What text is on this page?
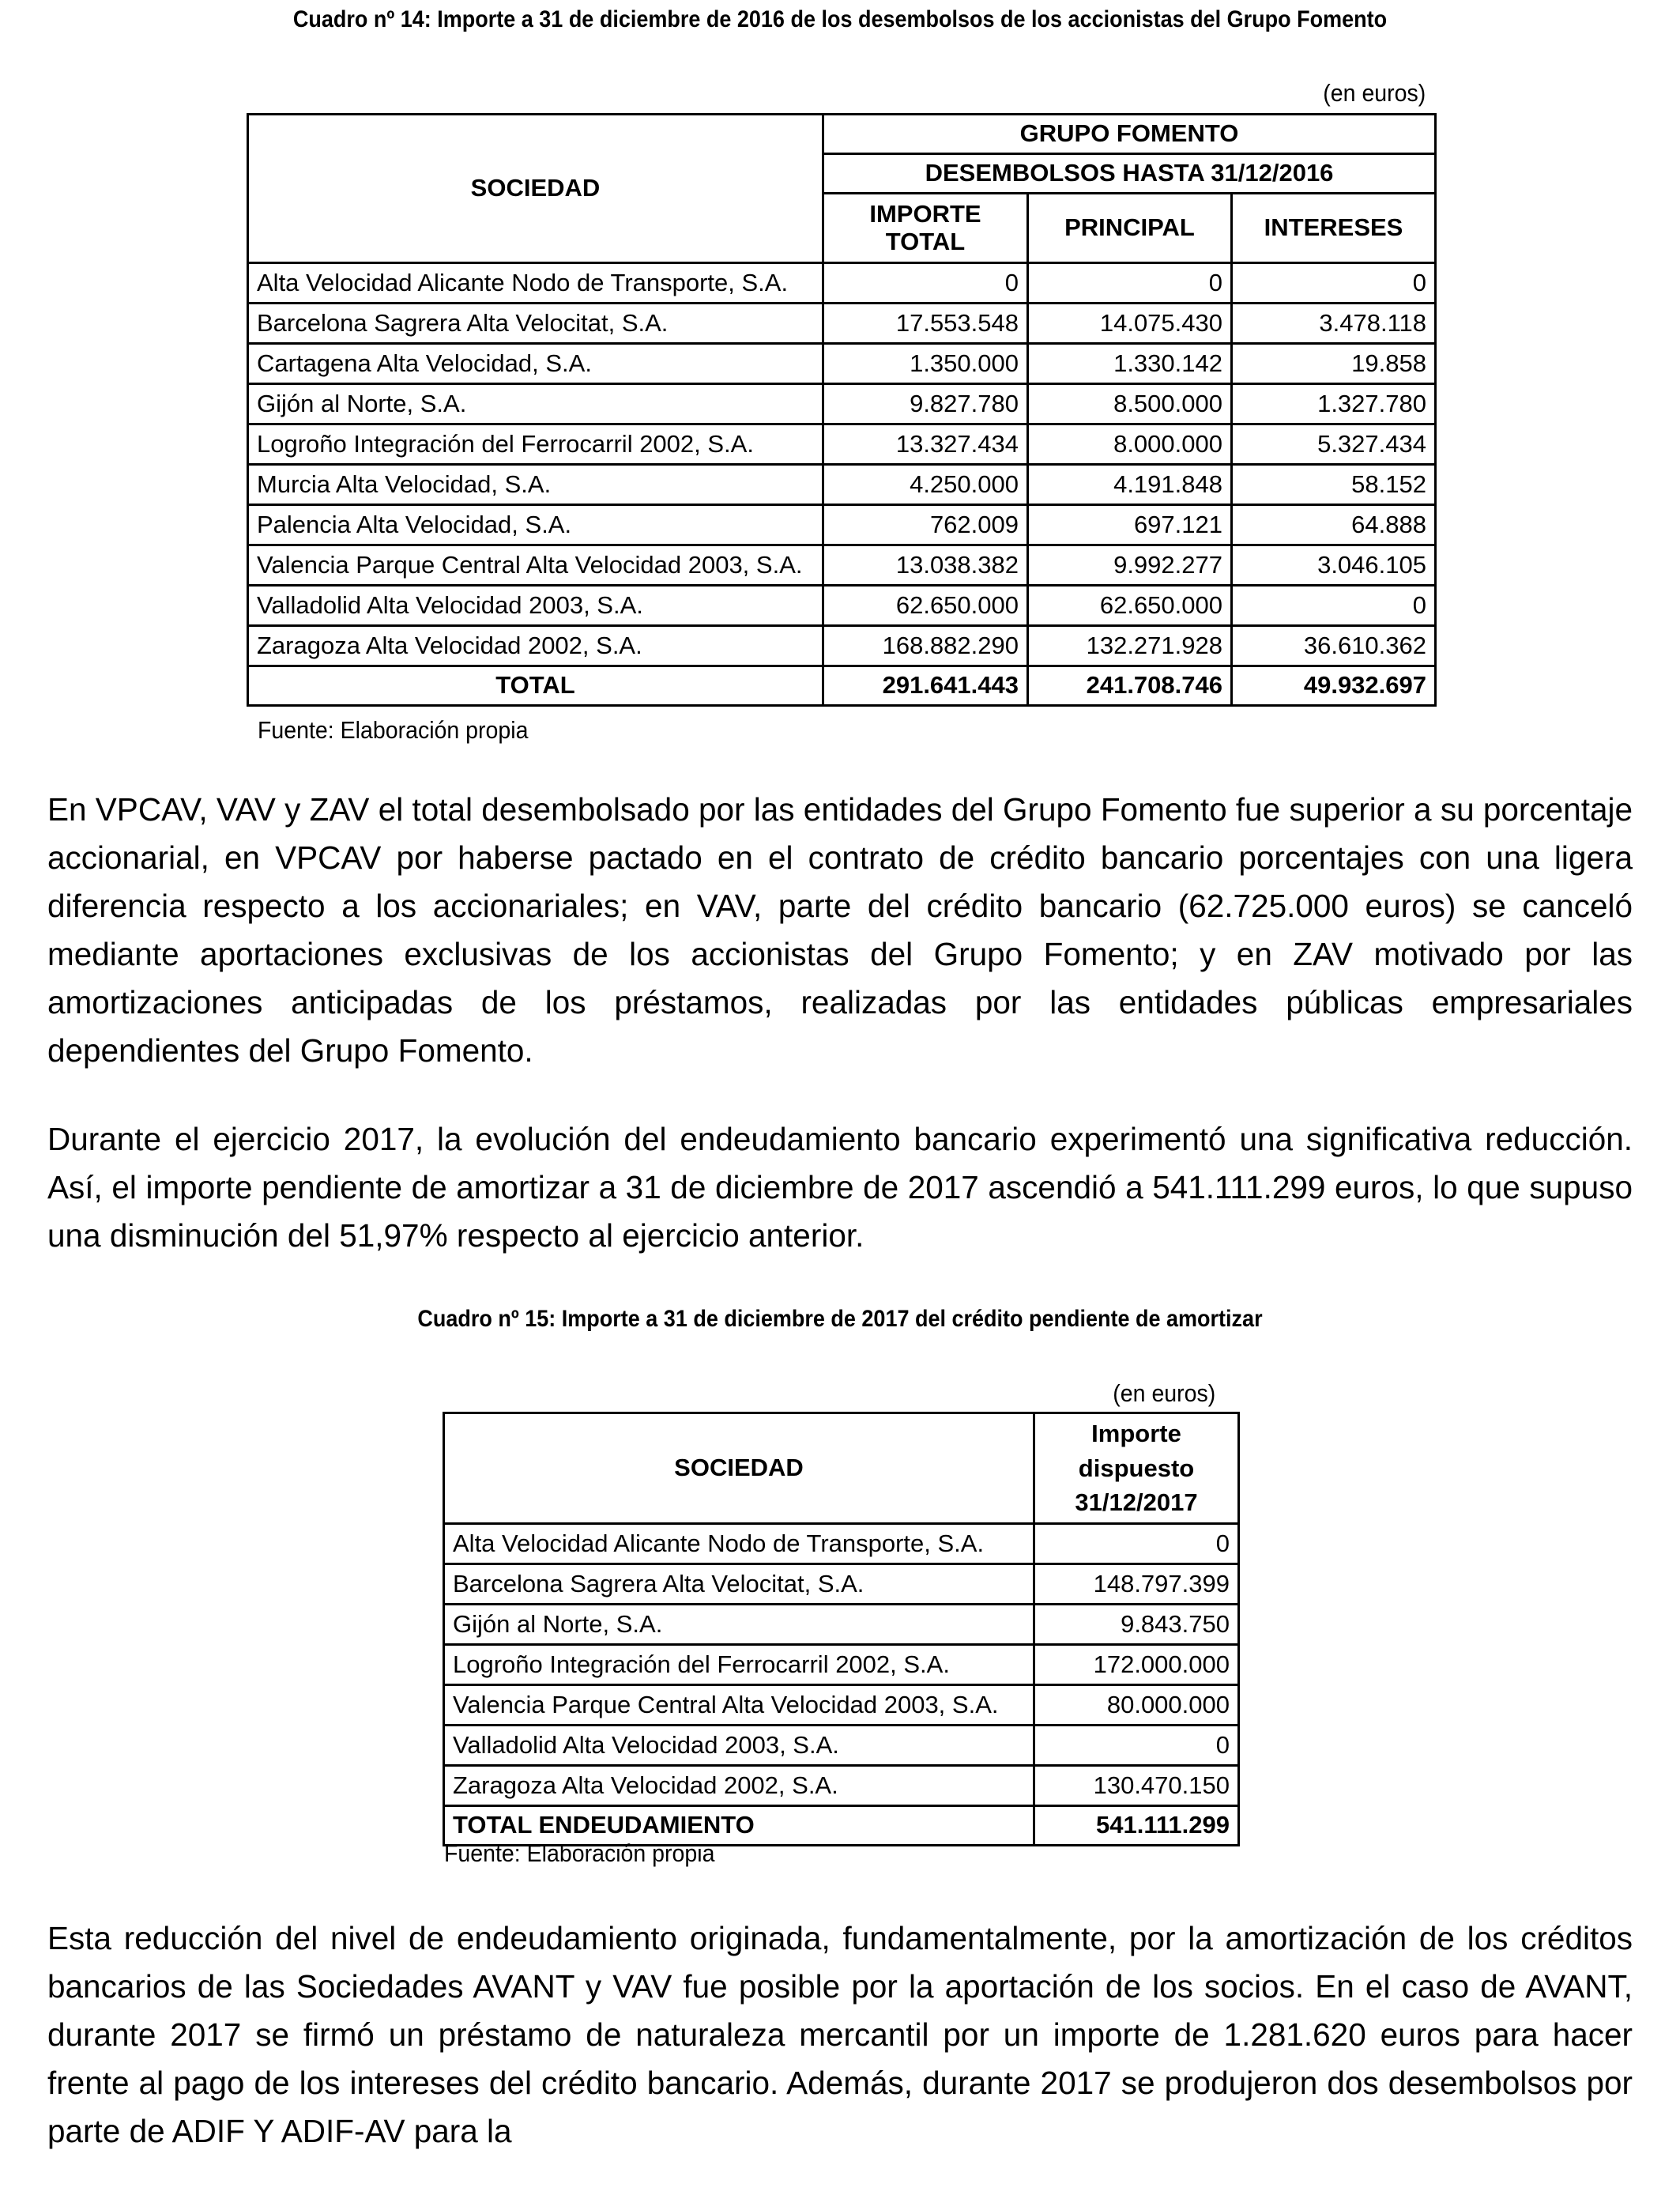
Cuadro nº 14: Importe a 31 de diciembre de 2016 de los desembolsos de los accionistas del Grupo Fomento
(en euros)
SOCIEDAD	GRUPO FOMENTO		
	DESEMBOLSOS HASTA 31/12/2016		

	IMPORTE
TOTAL	PRINCIPAL	INTERESES
Alta Velocidad Alicante Nodo de Transporte, S.A.	0	0	0
Barcelona Sagrera Alta Velocitat, S.A.	17.553.548	14.075.430	3.478.118
Cartagena Alta Velocidad, S.A.	1.350.000	1.330.142	19.858
Gijón al Norte, S.A.	9.827.780	8.500.000	1.327.780
Logroño Integración del Ferrocarril 2002, S.A.	13.327.434	8.000.000	5.327.434
Murcia Alta Velocidad, S.A.	4.250.000	4.191.848	58.152
Palencia Alta Velocidad, S.A.	762.009	697.121	64.888
Valencia Parque Central Alta Velocidad 2003, S.A.	13.038.382	9.992.277	3.046.105
Valladolid Alta Velocidad 2003, S.A.	62.650.000	62.650.000	0
Zaragoza Alta Velocidad 2002, S.A.	168.882.290	132.271.928	36.610.362
TOTAL	291.641.443	241.708.746	49.932.697
Fuente: Elaboración propia
En VPCAV, VAV y ZAV el total desembolsado por las entidades del Grupo Fomento fue superior a su porcentaje accionarial, en VPCAV por haberse pactado en el contrato de crédito bancario porcentajes con una ligera diferencia respecto a los accionariales; en VAV, parte del crédito bancario (62.725.000 euros) se canceló mediante aportaciones exclusivas de los accionistas del Grupo Fomento; y en ZAV motivado por las amortizaciones anticipadas de los préstamos, realizadas por las entidades públicas empresariales dependientes del Grupo Fomento.
Durante el ejercicio 2017, la evolución del endeudamiento bancario experimentó una significativa reducción. Así, el importe pendiente de amortizar a 31 de diciembre de 2017 ascendió a 541.111.299 euros, lo que supuso una disminución del 51,97% respecto al ejercicio anterior.
Cuadro nº 15: Importe a 31 de diciembre de 2017 del crédito pendiente de amortizar
(en euros)
SOCIEDAD	Importe
dispuesto
31/12/2017

Alta Velocidad Alicante Nodo de Transporte, S.A.	0
Barcelona Sagrera Alta Velocitat, S.A.	148.797.399
Gijón al Norte, S.A.	9.843.750
Logroño Integración del Ferrocarril 2002, S.A.	172.000.000
Valencia Parque Central Alta Velocidad 2003, S.A.	80.000.000
Valladolid Alta Velocidad 2003, S.A.	0
Zaragoza Alta Velocidad 2002, S.A.	130.470.150
TOTAL ENDEUDAMIENTO	541.111.299
Fuente: Elaboración propia
Esta reducción del nivel de endeudamiento originada, fundamentalmente, por la amortización de los créditos bancarios de las Sociedades AVANT y VAV fue posible por la aportación de los socios. En el caso de AVANT, durante 2017 se firmó un préstamo de naturaleza mercantil por un importe de 1.281.620 euros para hacer frente al pago de los intereses del crédito bancario. Además, durante 2017 se produjeron dos desembolsos por parte de ADIF Y ADIF-AV para la
